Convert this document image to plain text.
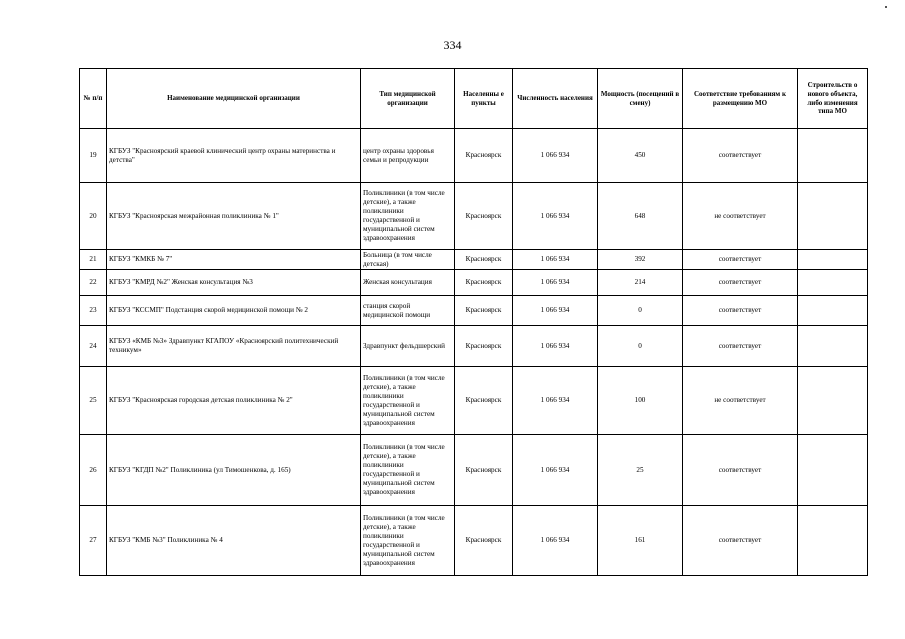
334
№ п/п	Наименование медицинской организации	Тип медицинской организации	Населенны е пункты	Численность населения	Мощность (посещений в смену)	Соответствие требованиям к размещению МО	Строительств о нового объекта, либо изменения типа МО
19	КГБУЗ "Красноярский краевой клинический центр охраны материнства и детства"	центр охраны здоровья семьи и репродукции	Красноярск	1 066 934	450	соответствует	
20	КГБУЗ "Красноярская межрайонная поликлиника № 1"	Поликлиники (в том числе детские), а также поликлиники государственной и муниципальной систем здравоохранения	Красноярск	1 066 934	648	не соответствует	
21	КГБУЗ "КМКБ № 7"	Больница (в том числе детская)	Красноярск	1 066 934	392	соответствует	
22	КГБУЗ "КМРД №2" Женская консультация №3	Женская консультация	Красноярск	1 066 934	214	соответствует	
23	КГБУЗ "КССМП" Подстанция скорой медицинской помощи № 2	станция скорой медицинской помощи	Красноярск	1 066 934	0	соответствует	
24	КГБУЗ «КМБ №3» Здравпункт КГАПОУ «Красноярский политехнический техникум»	Здравпункт фельдшерский	Красноярск	1 066 934	0	соответствует	
25	КГБУЗ "Красноярская городская детская поликлиника № 2"	Поликлиники (в том числе детские), а также поликлиники государственной и муниципальной систем здравоохранения	Красноярск	1 066 934	100	не соответствует	
26	КГБУЗ "КГДП №2" Поликлиника (ул Тимошенкова, д. 165)	Поликлиники (в том числе детские), а также поликлиники государственной и муниципальной систем здравоохранения	Красноярск	1 066 934	25	соответствует	
27	КГБУЗ "КМБ №3" Поликлиника № 4	Поликлиники (в том числе детские), а также поликлиники государственной и муниципальной систем здравоохранения	Красноярск	1 066 934	161	соответствует	
